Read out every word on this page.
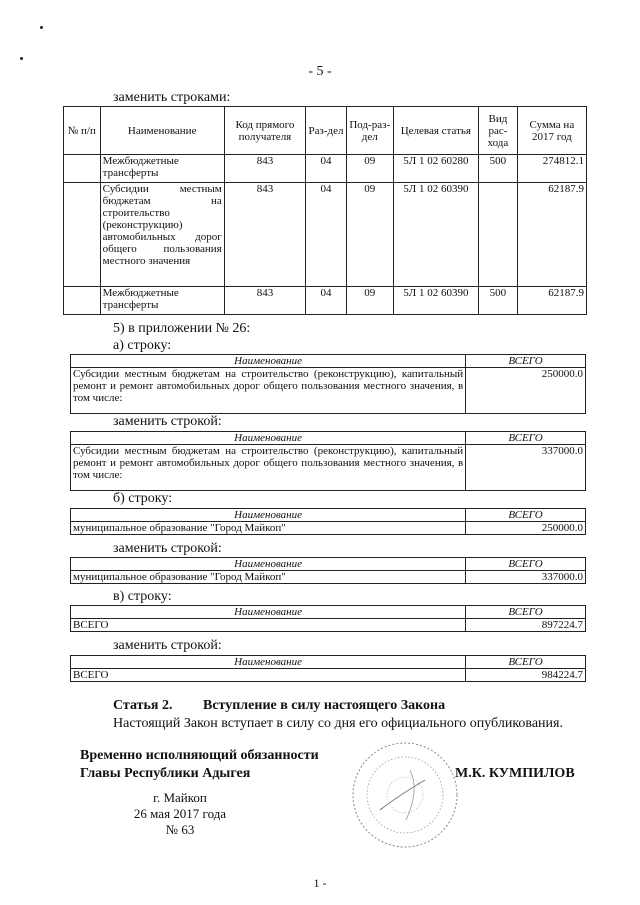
- 5 -
заменить строками:
№ п/п	Наименование	Код прямого получателя	Раз-дел	Под-раз-дел	Целевая статья	Вид рас-хода	Сумма на 2017 год
	Межбюджетные трансферты	843	04	09	5Л 1 02 60280	500	274812.1
	Субсидии местным бюджетам на строительство (реконструкцию) автомобильных дорог общего пользования местного значения	843	04	09	5Л 1 02 60390		62187.9
	Межбюджетные трансферты	843	04	09	5Л 1 02 60390	500	62187.9
5) в приложении № 26:
а) строку:
Наименование	ВСЕГО
Субсидии местным бюджетам на строительство (реконструкцию), капитальный ремонт и ремонт автомобильных дорог общего пользования местного значения, в том числе:	250000.0
заменить строкой:
Наименование	ВСЕГО
Субсидии местным бюджетам на строительство (реконструкцию), капитальный ремонт и ремонт автомобильных дорог общего пользования местного значения, в том числе:	337000.0
б) строку:
Наименование	ВСЕГО
муниципальное образование "Город Майкоп"	250000.0
заменить строкой:
Наименование	ВСЕГО
муниципальное образование "Город Майкоп"	337000.0
в) строку:
Наименование	ВСЕГО
ВСЕГО	897224.7
заменить строкой:
Наименование	ВСЕГО
ВСЕГО	984224.7
Статья 2. Вступление в силу настоящего Закона
Настоящий Закон вступает в силу со дня его официального опубликования.
Временно исполняющий обязанности
Главы Республики Адыгея	М.К. КУМПИЛОВ
г. Майкоп
26 мая 2017 года
№ 63
1 -
